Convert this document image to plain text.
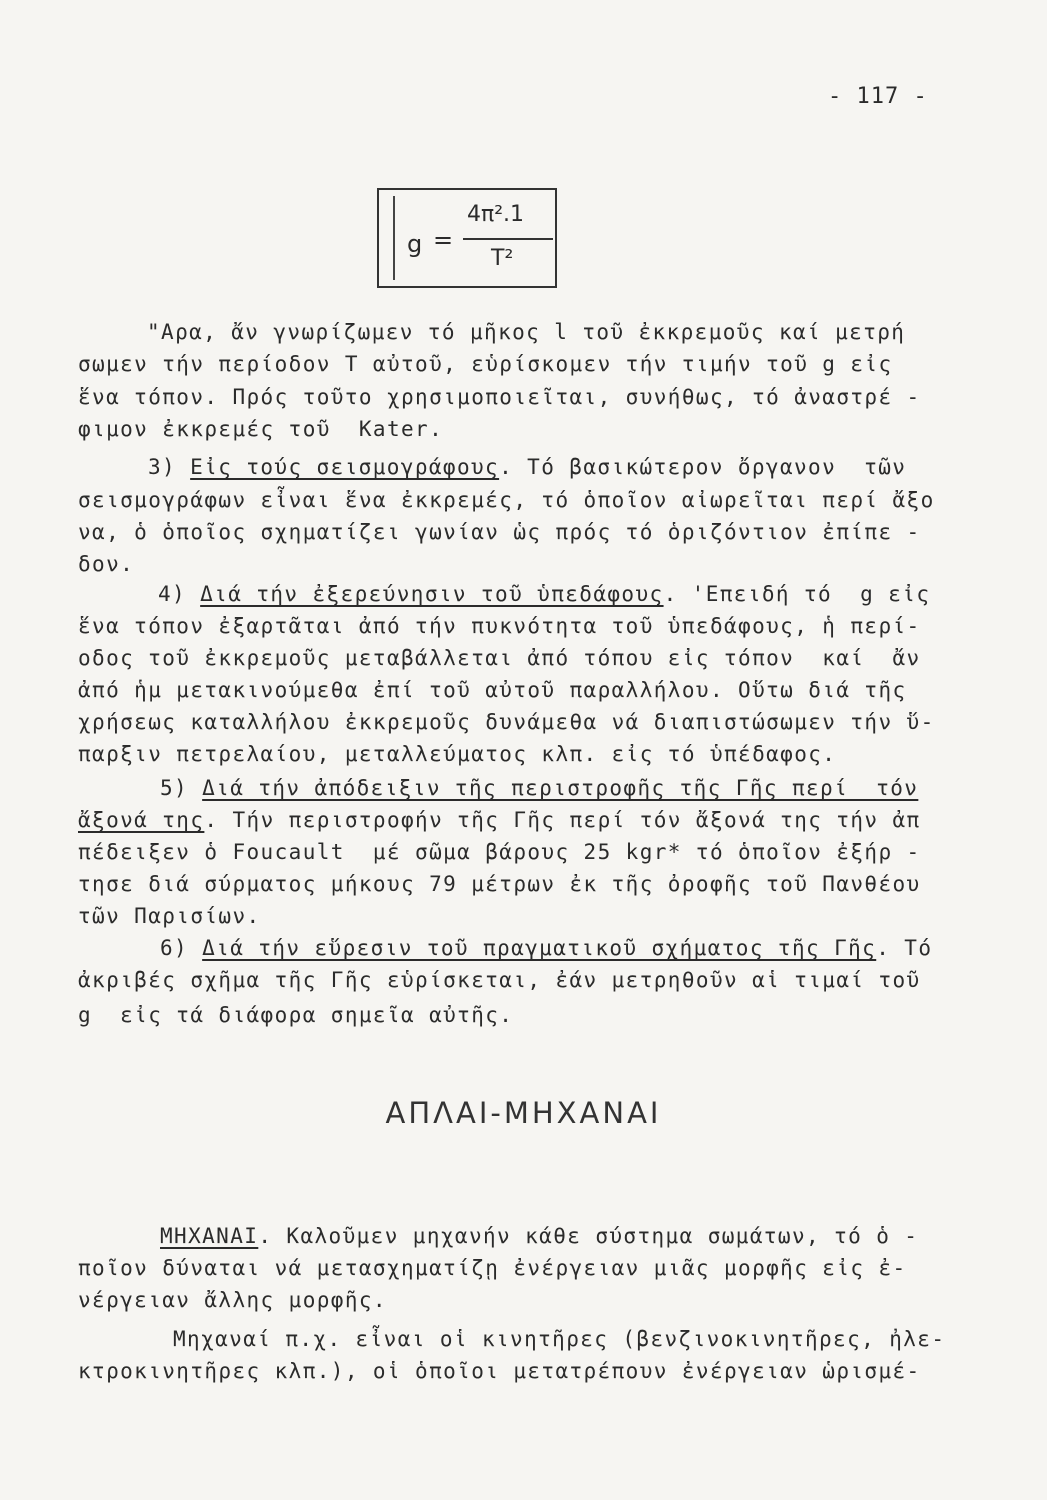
- 117 -
g =
4π².1
T²
"Αρα, ἄν γνωρίζωμεν τό μῆκος l τοῦ ἐκκρεμοῦς καί μετρή
σωμεν τήν περίοδον T αὐτοῦ, εὑρίσκομεν τήν τιμήν τοῦ g εἰς
ἕνα τόπον. Πρός τοῦτο χρησιμοποιεῖται, συνήθως, τό ἀναστρέ -
φιμον ἐκκρεμές τοῦ  Kater.
3) Εἰς τούς σεισμογράφους. Τό βασικώτερον ὄργανον  τῶν
σεισμογράφων εἶναι ἕνα ἐκκρεμές, τό ὁποῖον αἰωρεῖται περί ἄξο
να, ὁ ὁποῖος σχηματίζει γωνίαν ὡς πρός τό ὁριζόντιον ἐπίπε -
δον.
4) Διά τήν ἐξερεύνησιν τοῦ ὑπεδάφους. 'Επειδή τό  g εἰς
ἕνα τόπον ἐξαρτᾶται ἀπό τήν πυκνότητα τοῦ ὑπεδάφους, ἡ περί-
οδος τοῦ ἐκκρεμοῦς μεταβάλλεται ἀπό τόπου εἰς τόπον  καί  ἄν
ἀπό ἡμ μετακινούμεθα ἐπί τοῦ αὐτοῦ παραλλήλου. Οὕτω διά τῆς
χρήσεως καταλλήλου ἐκκρεμοῦς δυνάμεθα νά διαπιστώσωμεν τήν ὕ-
παρξιν πετρελαίου, μεταλλεύματος κλπ. εἰς τό ὑπέδαφος.
5) Διά τήν ἀπόδειξιν τῆς περιστροφῆς τῆς Γῆς περί  τόν
ἄξονά της. Τήν περιστροφήν τῆς Γῆς περί τόν ἄξονά της τήν ἀπ
πέδειξεν ὁ Foucault  μέ σῶμα βάρους 25 kgr* τό ὁποῖον ἐξήρ -
τησε διά σύρματος μήκους 79 μέτρων ἐκ τῆς ὀροφῆς τοῦ Πανθέου
τῶν Παρισίων.
6) Διά τήν εὕρεσιν τοῦ πραγματικοῦ σχήματος τῆς Γῆς. Τό
ἀκριβές σχῆμα τῆς Γῆς εὑρίσκεται, ἐάν μετρηθοῦν αἱ τιμαί τοῦ
g  εἰς τά διάφορα σημεῖα αὐτῆς.
ΜΗΧΑΝΑΙ. Καλοῦμεν μηχανήν κάθε σύστημα σωμάτων, τό ὁ -
ποῖον δύναται νά μετασχηματίζῃ ἐνέργειαν μιᾶς μορφῆς εἰς ἐ-
νέργειαν ἄλλης μορφῆς.
Μηχαναί π.χ. εἶναι οἱ κινητῆρες (βενζινοκινητῆρες, ἠλε-
κτροκινητῆρες κλπ.), οἱ ὁποῖοι μετατρέπουν ἐνέργειαν ὡρισμέ-
ΑΠΛΑΙ-ΜΗΧΑΝΑΙ
